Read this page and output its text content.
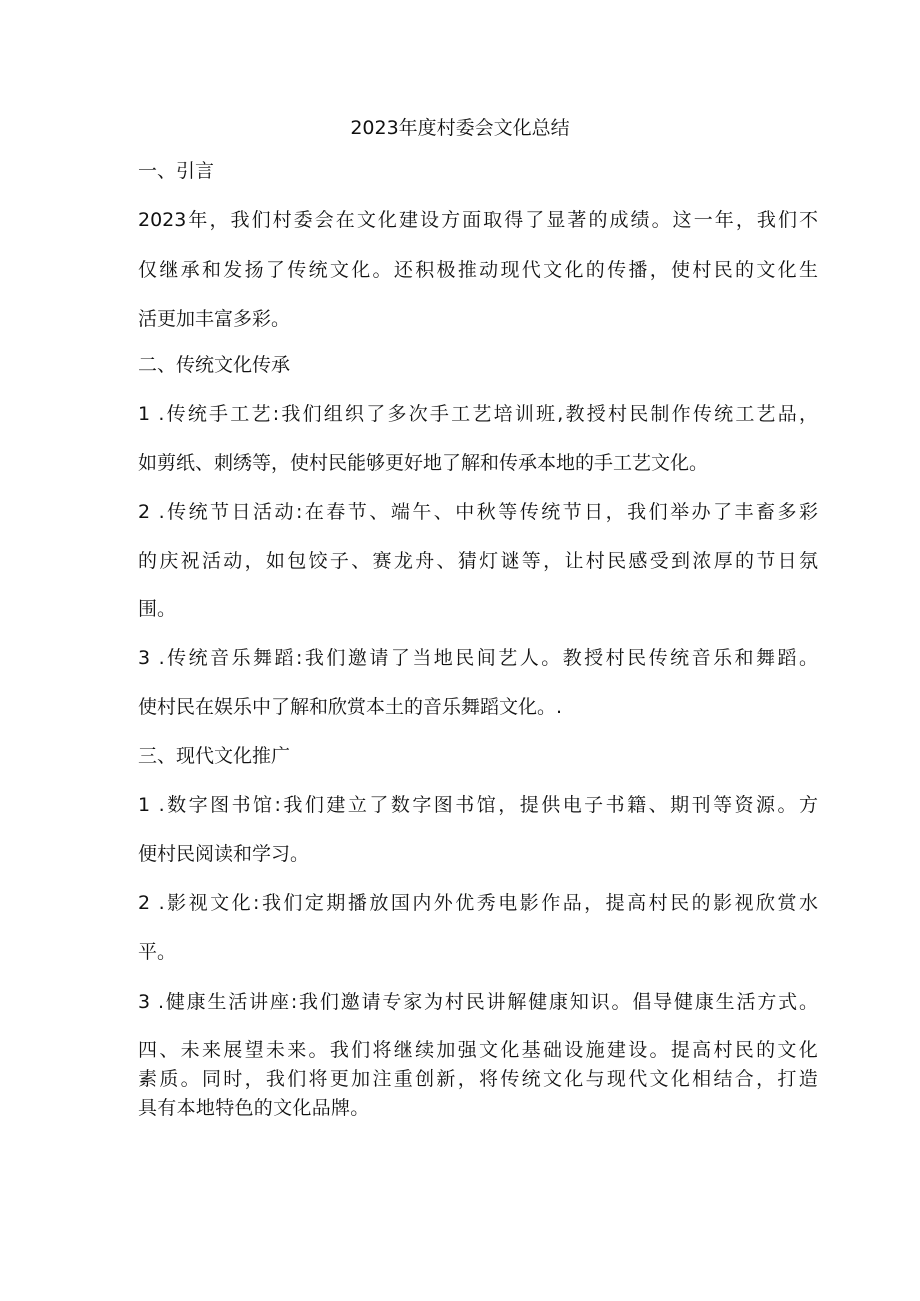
2023年度村委会文化总结
一、引言
2023年，我们村委会在文化建设方面取得了显著的成绩。这一年，我们不
仅继承和发扬了传统文化。还积极推动现代文化的传播，使村民的文化生
活更加丰富多彩。
二、传统文化传承
1 .传统手工艺:我们组织了多次手工艺培训班,教授村民制作传统工艺品，
如剪纸、刺绣等，使村民能够更好地了解和传承本地的手工艺文化。
2 .传统节日活动:在春节、端午、中秋等传统节日，我们举办了丰畜多彩
的庆祝活动，如包饺子、赛龙舟、猜灯谜等，让村民感受到浓厚的节日氛
围。
3 .传统音乐舞蹈:我们邀请了当地民间艺人。教授村民传统音乐和舞蹈。
使村民在娱乐中了解和欣赏本土的音乐舞蹈文化。.
三、现代文化推广
1 .数字图书馆:我们建立了数字图书馆，提供电子书籍、期刊等资源。方
便村民阅读和学习。
2 .影视文化:我们定期播放国内外优秀电影作品，提高村民的影视欣赏水
平。
3 .健康生活讲座:我们邀请专家为村民讲解健康知识。倡导健康生活方式。
四、未来展望未来。我们将继续加强文化基础设施建设。提高村民的文化
素质。同时，我们将更加注重创新，将传统文化与现代文化相结合，打造
具有本地特色的文化品牌。
